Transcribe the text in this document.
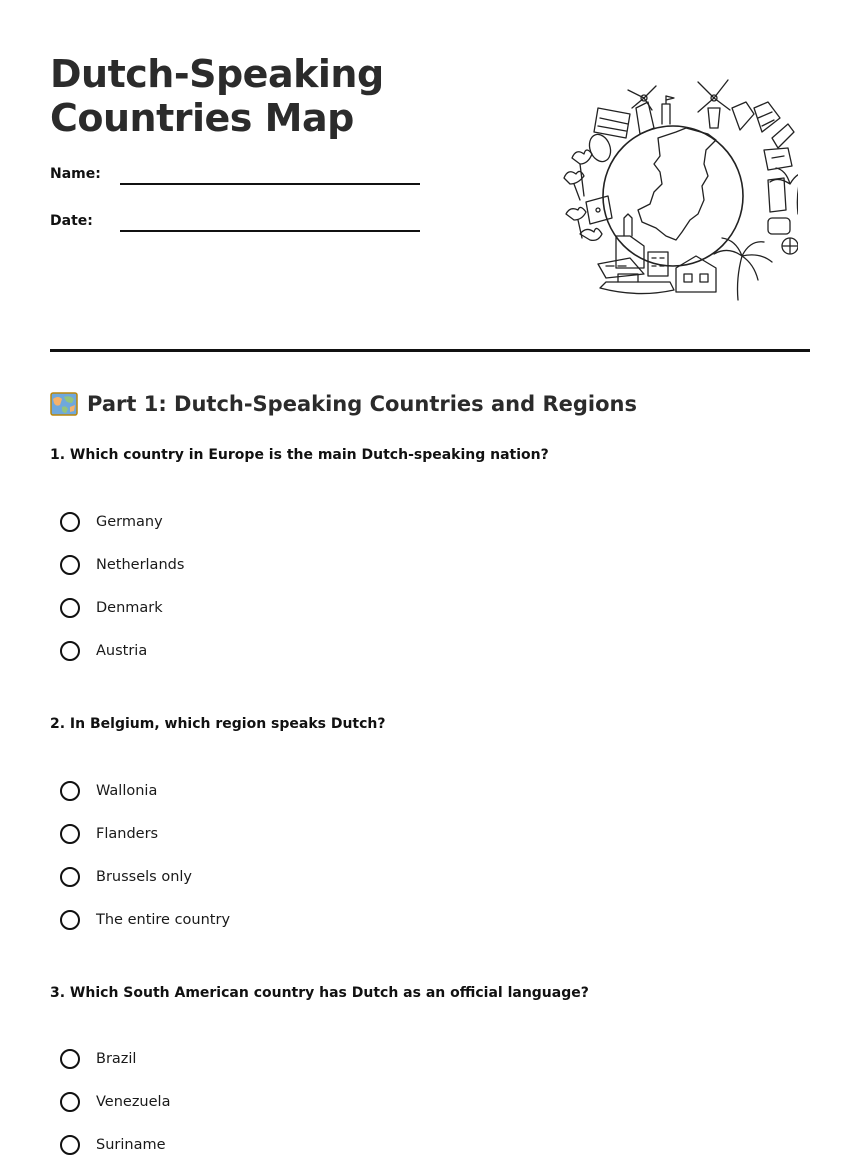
Dutch-Speaking
Countries Map
Name:
Date:
Part 1: Dutch-Speaking Countries and Regions
1. Which country in Europe is the main Dutch-speaking nation?
Germany
Netherlands
Denmark
Austria
2. In Belgium, which region speaks Dutch?
Wallonia
Flanders
Brussels only
The entire country
3. Which South American country has Dutch as an official language?
Brazil
Venezuela
Suriname
